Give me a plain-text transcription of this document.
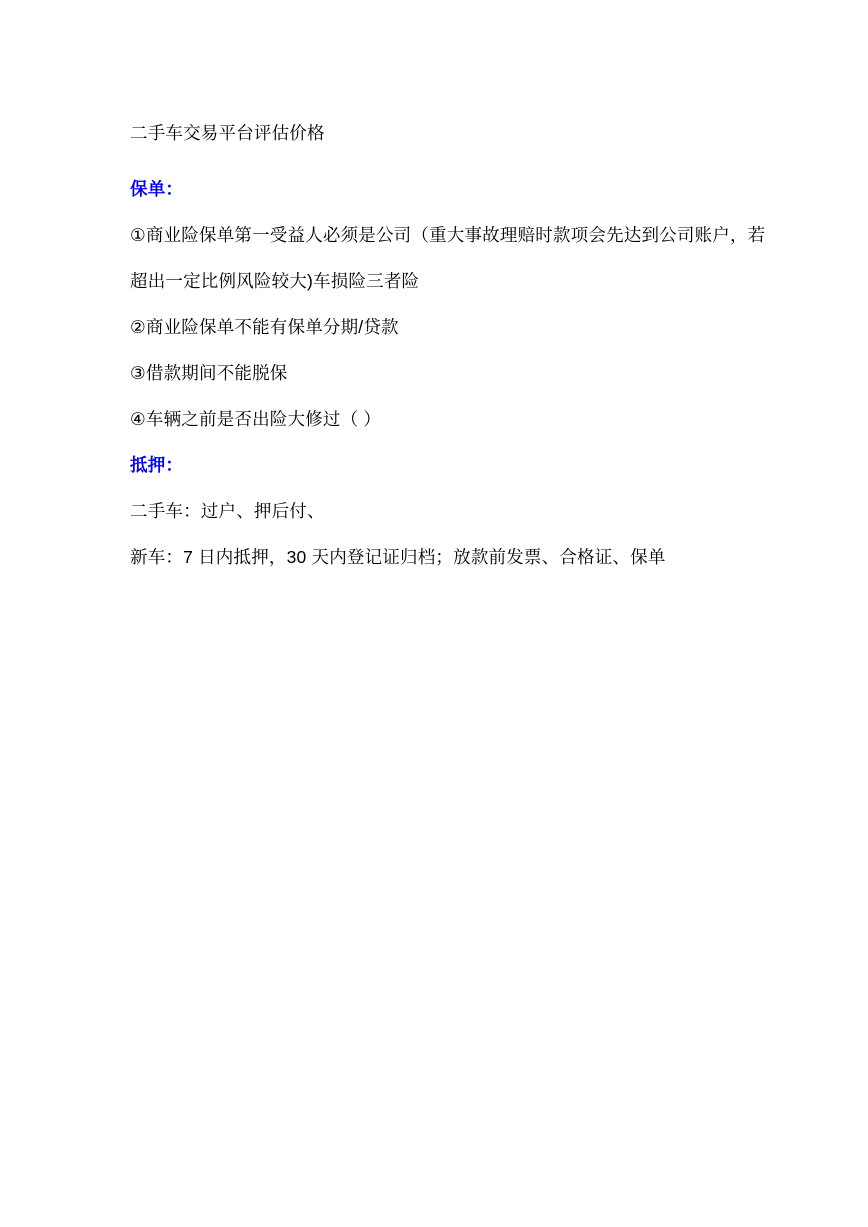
二手车交易平台评估价格
保单：
①商业险保单第一受益人必须是公司（重大事故理赔时款项会先达到公司账户，若超出一定比例风险较大)车损险三者险
②商业险保单不能有保单分期/贷款
③借款期间不能脱保
④车辆之前是否出险大修过（ ）
抵押：
二手车：过户、押后付、
新车：7 日内抵押，30 天内登记证归档；放款前发票、合格证、保单
